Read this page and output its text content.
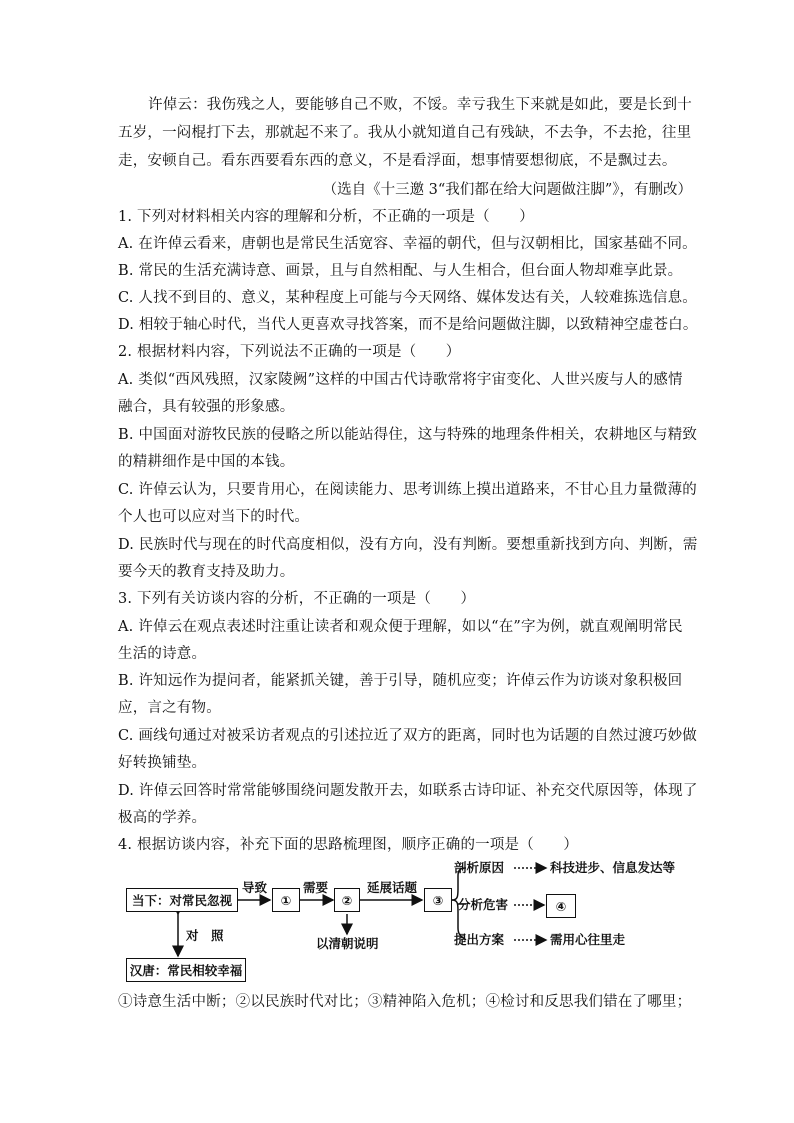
许倬云：我伤残之人，要能够自己不败，不馁。幸亏我生下来就是如此，要是长到十
五岁，一闷棍打下去，那就起不来了。我从小就知道自己有残缺，不去争，不去抢，往里
走，安顿自己。看东西要看东西的意义，不是看浮面，想事情要想彻底，不是飘过去。
（选自《十三邀 3“我们都在给大问题做注脚”》，有删改）
1. 下列对材料相关内容的理解和分析，不正确的一项是（　　）
A. 在许倬云看来，唐朝也是常民生活宽容、幸福的朝代，但与汉朝相比，国家基础不同。
B. 常民的生活充满诗意、画景，且与自然相配、与人生相合，但台面人物却难享此景。
C. 人找不到目的、意义，某种程度上可能与今天网络、媒体发达有关，人较难拣选信息。
D. 相较于轴心时代，当代人更喜欢寻找答案，而不是给问题做注脚，以致精神空虚苍白。
2. 根据材料内容，下列说法不正确的一项是（　　）
A. 类似“西风残照，汉家陵阙”这样的中国古代诗歌常将宇宙变化、人世兴废与人的感情
融合，具有较强的形象感。
B. 中国面对游牧民族的侵略之所以能站得住，这与特殊的地理条件相关，农耕地区与精致
的精耕细作是中国的本钱。
C. 许倬云认为，只要肯用心，在阅读能力、思考训练上摸出道路来，不甘心且力量微薄的
个人也可以应对当下的时代。
D. 民族时代与现在的时代高度相似，没有方向，没有判断。要想重新找到方向、判断，需
要今天的教育支持及助力。
3. 下列有关访谈内容的分析，不正确的一项是（　　）
A. 许倬云在观点表述时注重让读者和观众便于理解，如以“在”字为例，就直观阐明常民
生活的诗意。
B. 许知远作为提问者，能紧抓关键，善于引导，随机应变；许倬云作为访谈对象积极回
应，言之有物。
C. 画线句通过对被采访者观点的引述拉近了双方的距离，同时也为话题的自然过渡巧妙做
好转换铺垫。
D. 许倬云回答时常常能够围绕问题发散开去，如联系古诗印证、补充交代原因等，体现了
极高的学养。
4. 根据访谈内容，补充下面的思路梳理图，顺序正确的一项是（　　）
当下：对常民忽视
汉唐：常民相较幸福
对　照
导致	需要	延展话题
以清朝说明
①	②	③	④
剖析原因	科技进步、信息发达等
分析危害
提出方案	需用心往里走
①诗意生活中断；②以民族时代对比；③精神陷入危机；④检讨和反思我们错在了哪里；
